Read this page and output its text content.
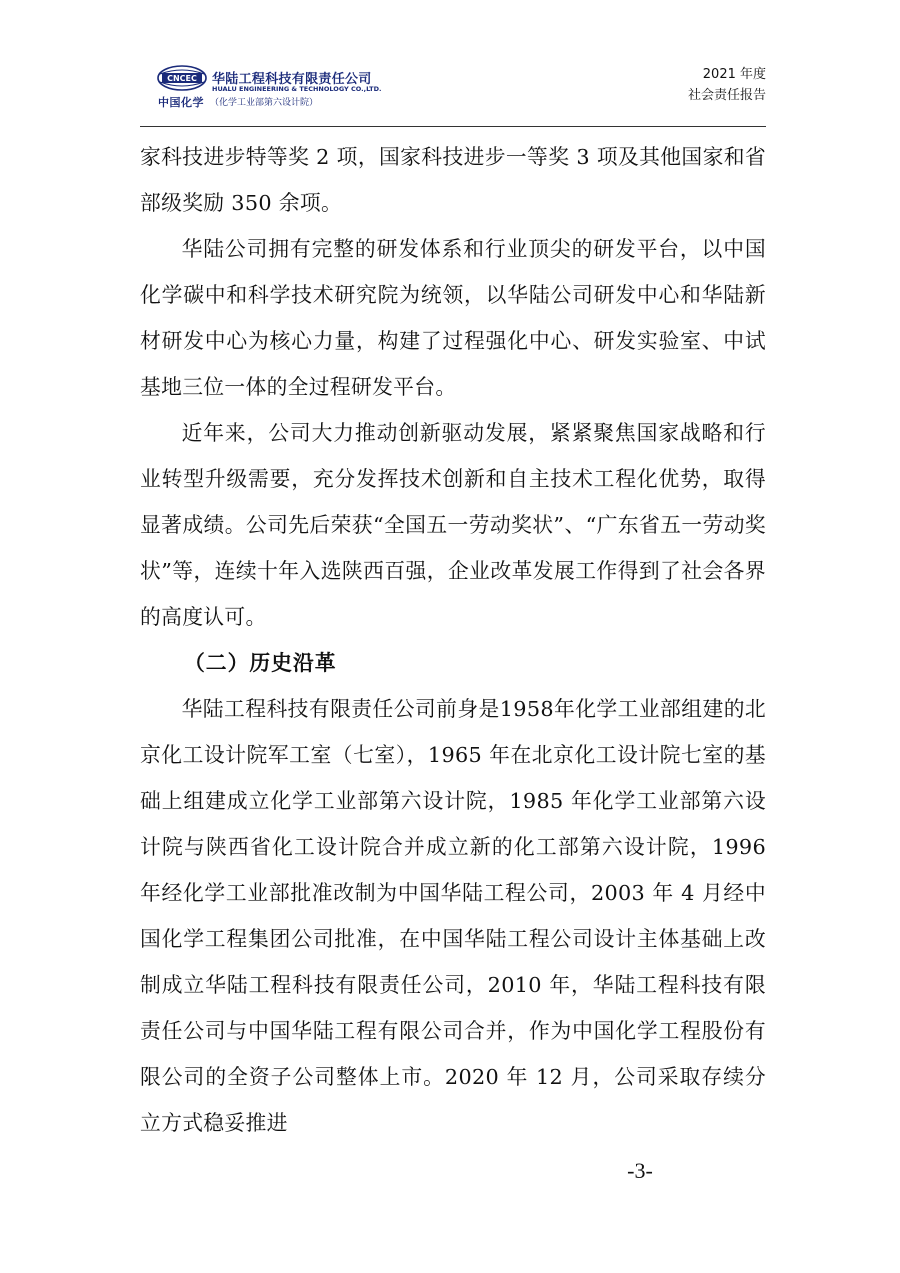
CNCEC
中国化学
华陆工程科技有限责任公司
HUALU ENGINEERING & TECHNOLOGY CO.,LTD.
（化学工业部第六设计院）
2021 年度
社会责任报告

家科技进步特等奖 2 项，国家科技进步一等奖 3 项及其他国家和省部级奖励 350 余项。

华陆公司拥有完整的研发体系和行业顶尖的研发平台，以中国化学碳中和科学技术研究院为统领，以华陆公司研发中心和华陆新材研发中心为核心力量，构建了过程强化中心、研发实验室、中试基地三位一体的全过程研发平台。

近年来，公司大力推动创新驱动发展，紧紧聚焦国家战略和行业转型升级需要，充分发挥技术创新和自主技术工程化优势，取得显著成绩。公司先后荣获“全国五一劳动奖状”、“广东省五一劳动奖状”等，连续十年入选陕西百强，企业改革发展工作得到了社会各界的高度认可。

（二）历史沿革

华陆工程科技有限责任公司前身是1958年化学工业部组建的北京化工设计院军工室（七室），1965 年在北京化工设计院七室的基础上组建成立化学工业部第六设计院，1985 年化学工业部第六设计院与陕西省化工设计院合并成立新的化工部第六设计院，1996 年经化学工业部批准改制为中国华陆工程公司，2003 年 4 月经中国化学工程集团公司批准，在中国华陆工程公司设计主体基础上改制成立华陆工程科技有限责任公司，2010 年，华陆工程科技有限责任公司与中国华陆工程有限公司合并，作为中国化学工程股份有限公司的全资子公司整体上市。2020 年 12 月，公司采取存续分立方式稳妥推进

-3-
